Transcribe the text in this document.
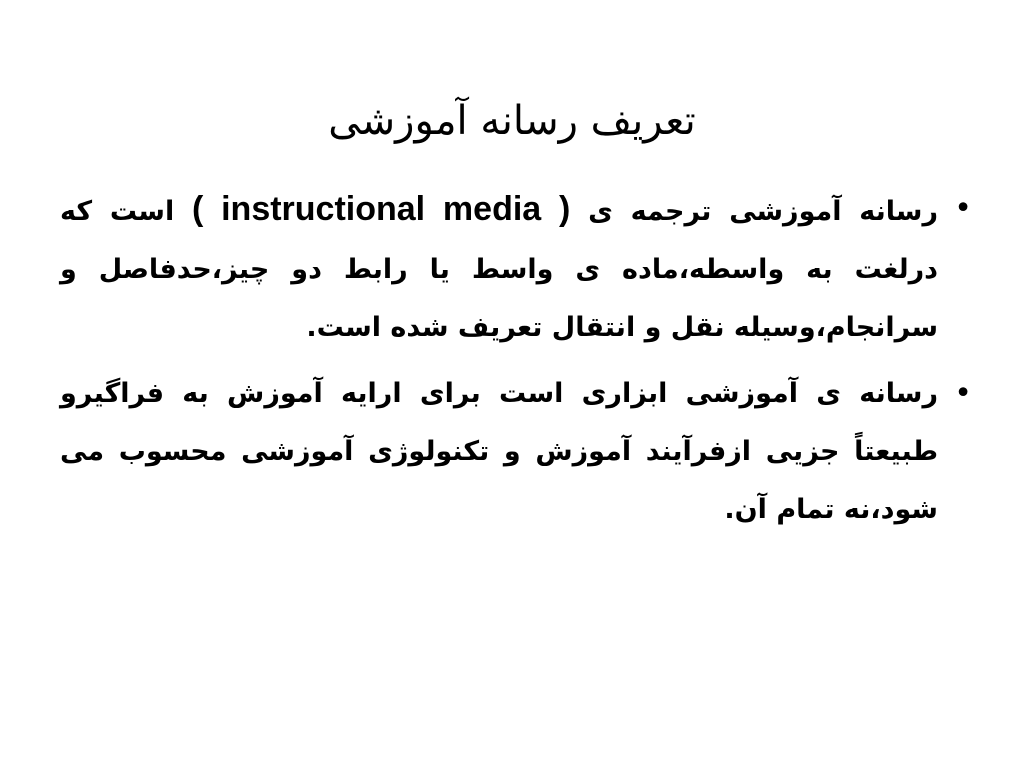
تعریف رسانه آموزشی
•
رسانه آموزشی ترجمه ی ( instructional media ) است که درلغت به واسطه،ماده ی واسط یا رابط دو چیز،حدفاصل و سرانجام،وسیله نقل و انتقال تعریف شده است.
•
رسانه ی آموزشی ابزاری است برای ارایه آموزش به فراگیرو طبیعتاً جزیی ازفرآیند آموزش و تکنولوژی آموزشی محسوب می شود،نه تمام آن.
